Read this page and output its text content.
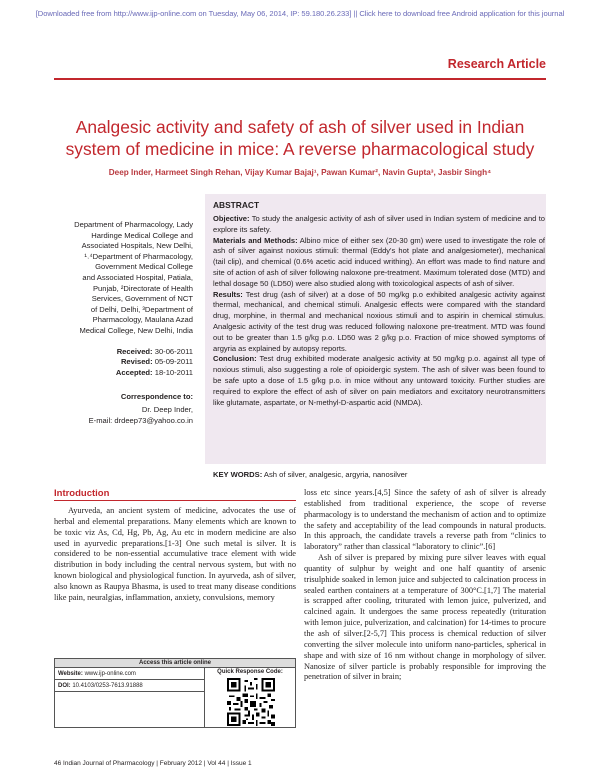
[Downloaded free from http://www.ijp-online.com on Tuesday, May 06, 2014, IP: 59.180.26.233] || Click here to download free Android application for this journal
Research Article
Analgesic activity and safety of ash of silver used in Indian
system of medicine in mice: A reverse pharmacological study
Deep Inder, Harmeet Singh Rehan, Vijay Kumar Bajaj¹, Pawan Kumar², Navin Gupta³, Jasbir Singh⁴
Department of Pharmacology, Lady
Hardinge Medical College and
Associated Hospitals, New Delhi,
¹˒⁴Department of Pharmacology,
Government Medical College
and Associated Hospital, Patiala,
Punjab, ²Directorate of Health
Services, Government of NCT
of Delhi, Delhi, ³Department of
Pharmacology, Maulana Azad
Medical College, New Delhi, India
Received: 30-06-2011
Revised: 05-09-2011
Accepted: 18-10-2011
Correspondence to:
Dr. Deep Inder,
E-mail: drdeep73@yahoo.co.in
ABSTRACT

Objective: To study the analgesic activity of ash of silver used in Indian system of medicine and to explore its safety.

Materials and Methods: Albino mice of either sex (20-30 gm) were used to investigate the role of ash of silver against noxious stimuli: thermal (Eddy's hot plate and analgesiometer), mechanical (tail clip), and chemical (0.6% acetic acid induced writhing). An effort was made to find nature and site of action of ash of silver following naloxone pre-treatment. Maximum tolerated dose (MTD) and lethal dosage 50 (LD50) were also studied along with toxicological aspects of ash of silver.

Results: Test drug (ash of silver) at a dose of 50 mg/kg p.o exhibited analgesic activity against thermal, mechanical, and chemical stimuli. Analgesic effects were compared with the standard drug, morphine, in thermal and mechanical noxious stimuli and to aspirin in chemical stimulus. Analgesic activity of the test drug was reduced following naloxone pre-treatment. MTD was found out to be greater than 1.5 g/kg p.o. LD50 was 2 g/kg p.o. Fraction of mice showed symptoms of argyria as explained by autopsy reports.

Conclusion: Test drug exhibited moderate analgesic activity at 50 mg/kg p.o. against all type of noxious stimuli, also suggesting a role of opioidergic system. The ash of silver was been found to be safe upto a dose of 1.5 g/kg p.o. in mice without any untoward toxicity. Further studies are required to explore the effect of ash of silver on pain mediators and excitatory neurotransmitters like glutamate, aspartate, or N-methyl-D-aspartic acid (NMDA).

KEY WORDS: Ash of silver, analgesic, argyria, nanosilver
Introduction

Ayurveda, an ancient system of medicine, advocates the use of herbal and elemental preparations. Many elements which are known to be toxic viz As, Cd, Hg, Pb, Ag, Au etc in modern medicine are also used in ayurvedic preparations.[1-3] One such metal is silver. It is considered to be non-essential accumulative trace element with wide distribution in body including the central nervous system, but with no known biological and physiological function. In ayurveda, ash of silver, also known as Raupya Bhasma, is used to treat many disease conditions like pain, neuralgias, inflammation, anxiety, convulsions, memory

loss etc since years.[4,5] Since the safety of ash of silver is already established from traditional experience, the scope of reverse pharmacology is to understand the mechanism of action and to optimize the safety and acceptability of the lead compounds in natural products. In this approach, the candidate travels a reverse path from “clinics to laboratory” rather than classical “laboratory to clinic”.[6]

Ash of silver is prepared by mixing pure silver leaves with equal quantity of sulphur by weight and one half quantity of arsenic trisulphide soaked in lemon juice and subjected to calcination process in sealed earthen containers at a temperature of 300°C.[1,7] The material is scrapped after cooling, triturated with lemon juice, pulverized, and calcined again. It undergoes the same process repeatedly (trituration with lemon juice, pulverization, and calcination) for 14-times to procure the ash of silver.[2-5,7] This process is chemical reduction of silver converting the silver molecule into uniform nano-particles, spherical in shape and with size of 16 nm without change in morphology of silver. Nanosize of silver particle is probably responsible for improving the penetration of silver in brain;

Access this article online
Website: www.ijp-online.com
DOI: 10.4103/0253-7613.91888
Quick Response Code:
46 Indian Journal of Pharmacology | February 2012 | Vol 44 | Issue 1
